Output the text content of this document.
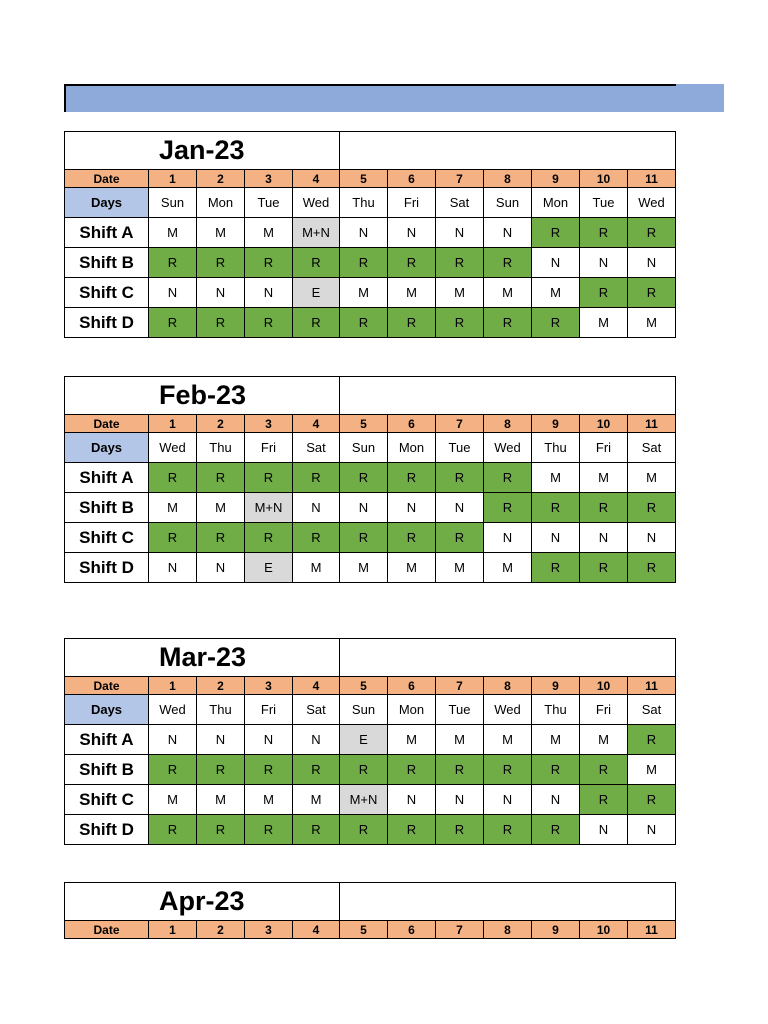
Jan-23											
Date	1	2	3	4	5	6	7	8	9	10	11
Days	Sun	Mon	Tue	Wed	Thu	Fri	Sat	Sun	Mon	Tue	Wed
Shift A	M	M	M	M+N	N	N	N	N	R	R	R
Shift B	R	R	R	R	R	R	R	R	N	N	N
Shift C	N	N	N	E	M	M	M	M	M	R	R
Shift D	R	R	R	R	R	R	R	R	R	M	M
Feb-23											
Date	1	2	3	4	5	6	7	8	9	10	11
Days	Wed	Thu	Fri	Sat	Sun	Mon	Tue	Wed	Thu	Fri	Sat
Shift A	R	R	R	R	R	R	R	R	M	M	M
Shift B	M	M	M+N	N	N	N	N	R	R	R	R
Shift C	R	R	R	R	R	R	R	N	N	N	N
Shift D	N	N	E	M	M	M	M	M	R	R	R
Mar-23											
Date	1	2	3	4	5	6	7	8	9	10	11
Days	Wed	Thu	Fri	Sat	Sun	Mon	Tue	Wed	Thu	Fri	Sat
Shift A	N	N	N	N	E	M	M	M	M	M	R
Shift B	R	R	R	R	R	R	R	R	R	R	M
Shift C	M	M	M	M	M+N	N	N	N	N	R	R
Shift D	R	R	R	R	R	R	R	R	R	N	N
Apr-23											
Date	1	2	3	4	5	6	7	8	9	10	11
